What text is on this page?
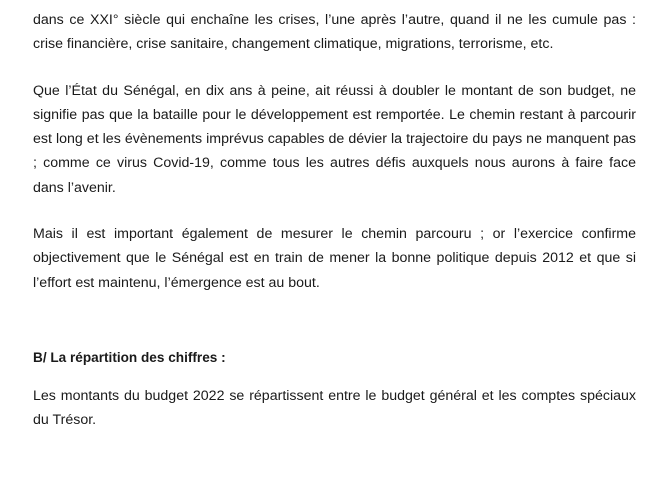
dans ce XXI° siècle qui enchaîne les crises, l’une après l’autre, quand il ne les cumule pas : crise financière, crise sanitaire, changement climatique, migrations, terrorisme, etc.

Que l’État du Sénégal, en dix ans à peine, ait réussi à doubler le montant de son budget, ne signifie pas que la bataille pour le développement est remportée. Le chemin restant à parcourir est long et les évènements imprévus capables de dévier la trajectoire du pays ne manquent pas ; comme ce virus Covid-19, comme tous les autres défis auxquels nous aurons à faire face dans l’avenir.

Mais il est important également de mesurer le chemin parcouru ; or l’exercice confirme objectivement que le Sénégal est en train de mener la bonne politique depuis 2012 et que si l’effort est maintenu, l’émergence est au bout.

B/ La répartition des chiffres :

Les montants du budget 2022 se répartissent entre le budget général et les comptes spéciaux du Trésor.
